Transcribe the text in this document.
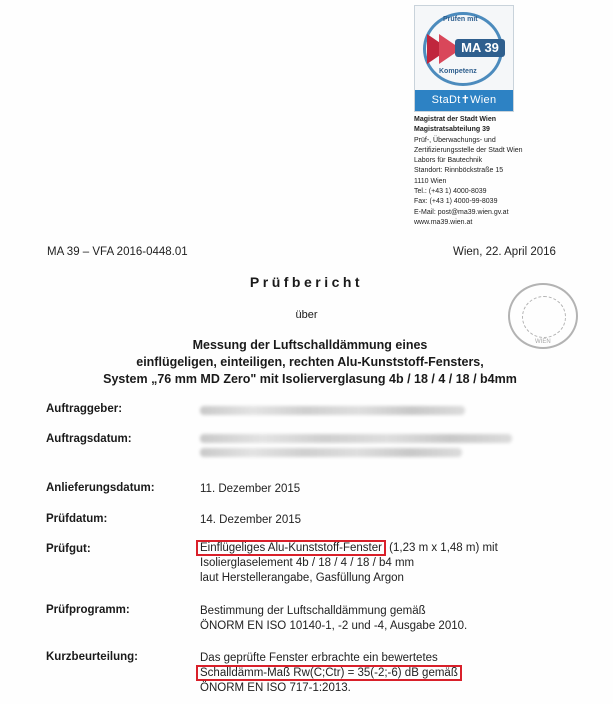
Prüfen mit
MA 39
Kompetenz
StaDt✝Wien
Magistrat der Stadt Wien
Magistratsabteilung 39
Prüf-, Überwachungs- und
Zertifizierungsstelle der Stadt Wien
Labors für Bautechnik
Standort: Rinnböckstraße 15
1110 Wien
Tel.: (+43 1) 4000-8039
Fax: (+43 1) 4000-99-8039
E-Mail: post@ma39.wien.gv.at
www.ma39.wien.at
MA 39 – VFA 2016-0448.01	Wien, 22. April 2016
WIEN
Prüfbericht
über
Messung der Luftschalldämmung eines
einflügeligen, einteiligen, rechten Alu-Kunststoff-Fensters,
System „76 mm MD Zero" mit Isolierverglasung 4b / 18 / 4 / 18 / b4mm
Auftraggeber:
Auftragsdatum:
Anlieferungsdatum:	11. Dezember 2015
Prüfdatum:	14. Dezember 2015
Prüfgut:	Einflügeliges Alu-Kunststoff-Fenster (1,23 m x 1,48 m) mit
Isolierglaselement 4b / 18 / 4 / 18 / b4 mm
laut Herstellerangabe, Gasfüllung Argon
Prüfprogramm:	Bestimmung der Luftschalldämmung gemäß
ÖNORM EN ISO 10140-1, -2 und -4, Ausgabe 2010.
Kurzbeurteilung:	Das geprüfte Fenster erbrachte ein bewertetes
Schalldämm-Maß Rw(C;Ctr) = 35(-2;-6) dB gemäß
ÖNORM EN ISO 717-1:2013.
